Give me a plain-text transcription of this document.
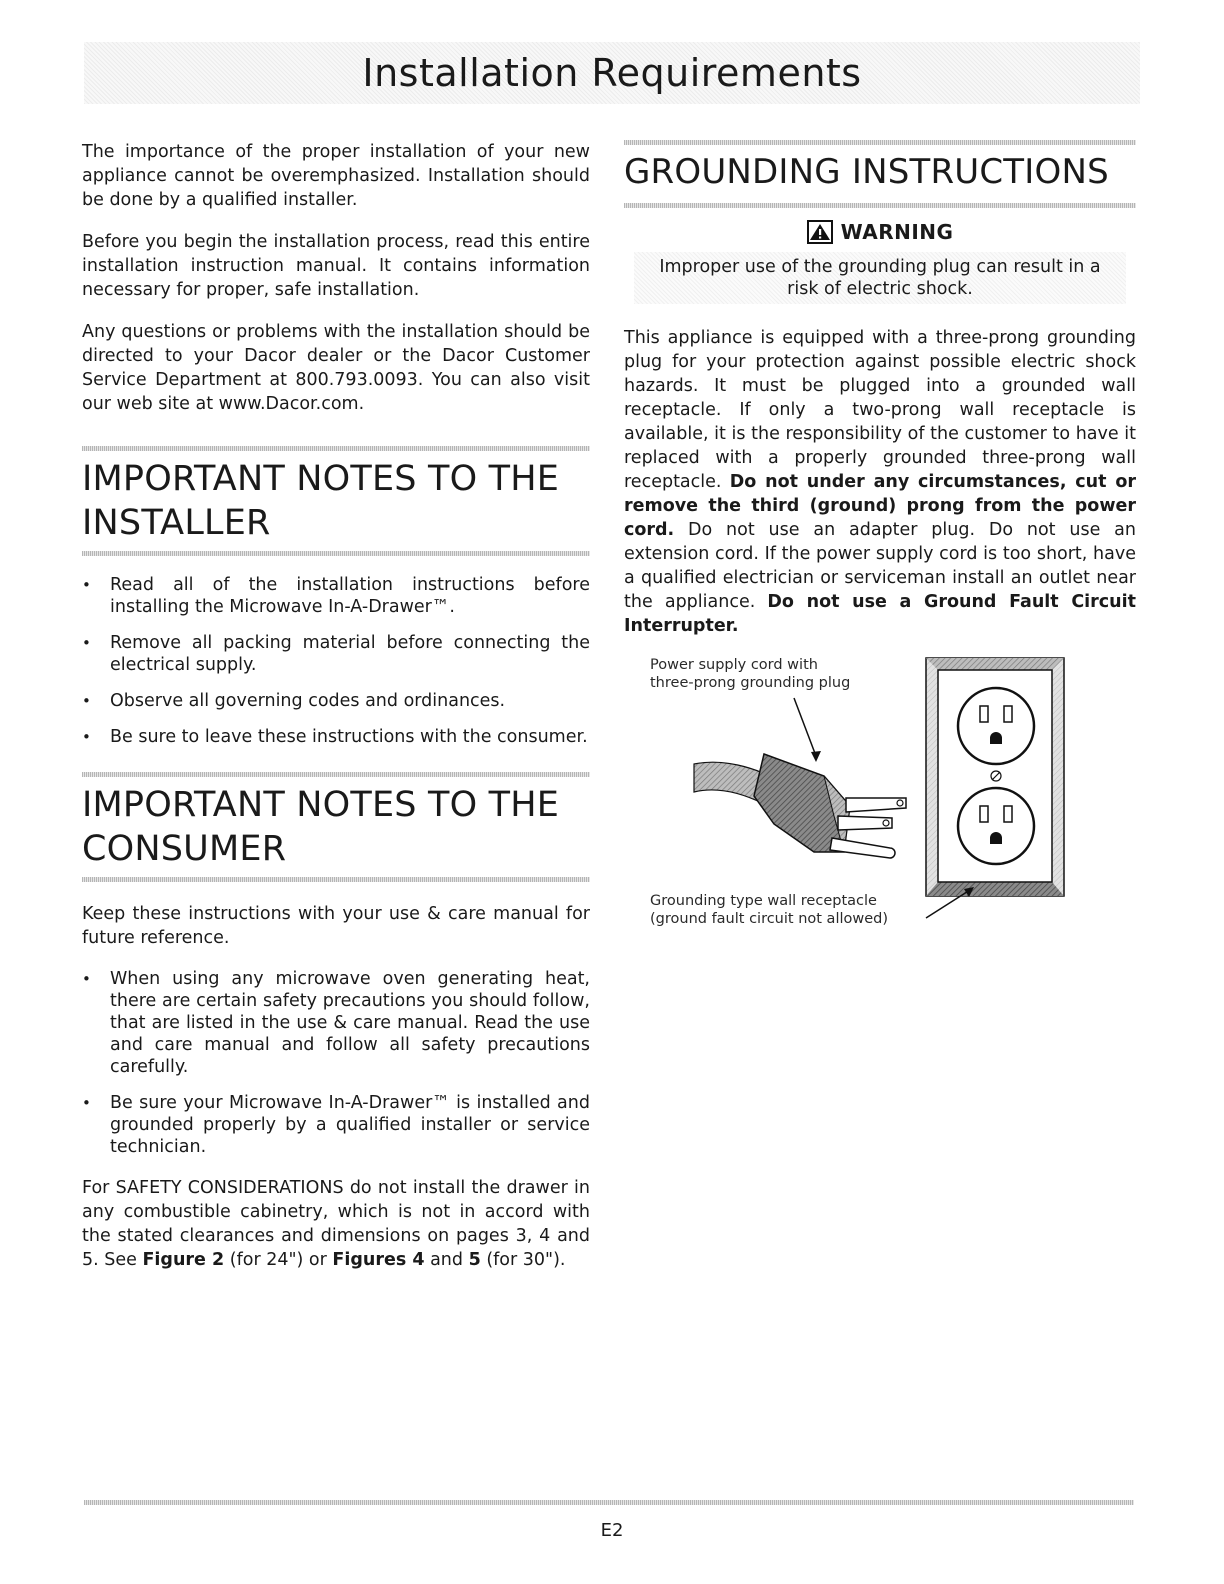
Installation Requirements

The importance of the proper installation of your new appliance cannot be overemphasized. Installation should be done by a qualified installer.

Before you begin the installation process, read this entire installation instruction manual. It contains information necessary for proper, safe installation.

Any questions or problems with the installation should be directed to your Dacor dealer or the Dacor Customer Service Department at 800.793.0093. You can also visit our web site at www.Dacor.com.

IMPORTANT NOTES TO THE
INSTALLER
• Read all of the installation instructions before installing the Microwave In-A-Drawer™.
• Remove all packing material before connecting the electrical supply.
• Observe all governing codes and ordinances.
• Be sure to leave these instructions with the consumer.
IMPORTANT NOTES TO THE
CONSUMER

Keep these instructions with your use & care manual for future reference.

• When using any microwave oven generating heat, there are certain safety precautions you should follow, that are listed in the use & care manual. Read the use and care manual and follow all safety precautions carefully.
• Be sure your Microwave In-A-Drawer™ is installed and grounded properly by a qualified installer or service technician.

For SAFETY CONSIDERATIONS do not install the drawer in any combustible cabinetry, which is not in accord with the stated clearances and dimensions on pages 3, 4 and 5. See Figure 2 (for 24") or Figures 4 and 5 (for 30").

GROUNDING INSTRUCTIONS
WARNING
Improper use of the grounding plug can result in a risk of electric shock.

This appliance is equipped with a three-prong grounding plug for your protection against possible electric shock hazards. It must be plugged into a grounded wall receptacle. If only a two-prong wall receptacle is available, it is the responsibility of the customer to have it replaced with a properly grounded three-prong wall receptacle. Do not under any circumstances, cut or remove the third (ground) prong from the power cord. Do not use an adapter plug. Do not use an extension cord. If the power supply cord is too short, have a qualified electrician or serviceman install an outlet near the appliance. Do not use a Ground Fault Circuit Interrupter.

Power supply cord with
three-prong grounding plug
Grounding type wall receptacle
(ground fault circuit not allowed)
E2
